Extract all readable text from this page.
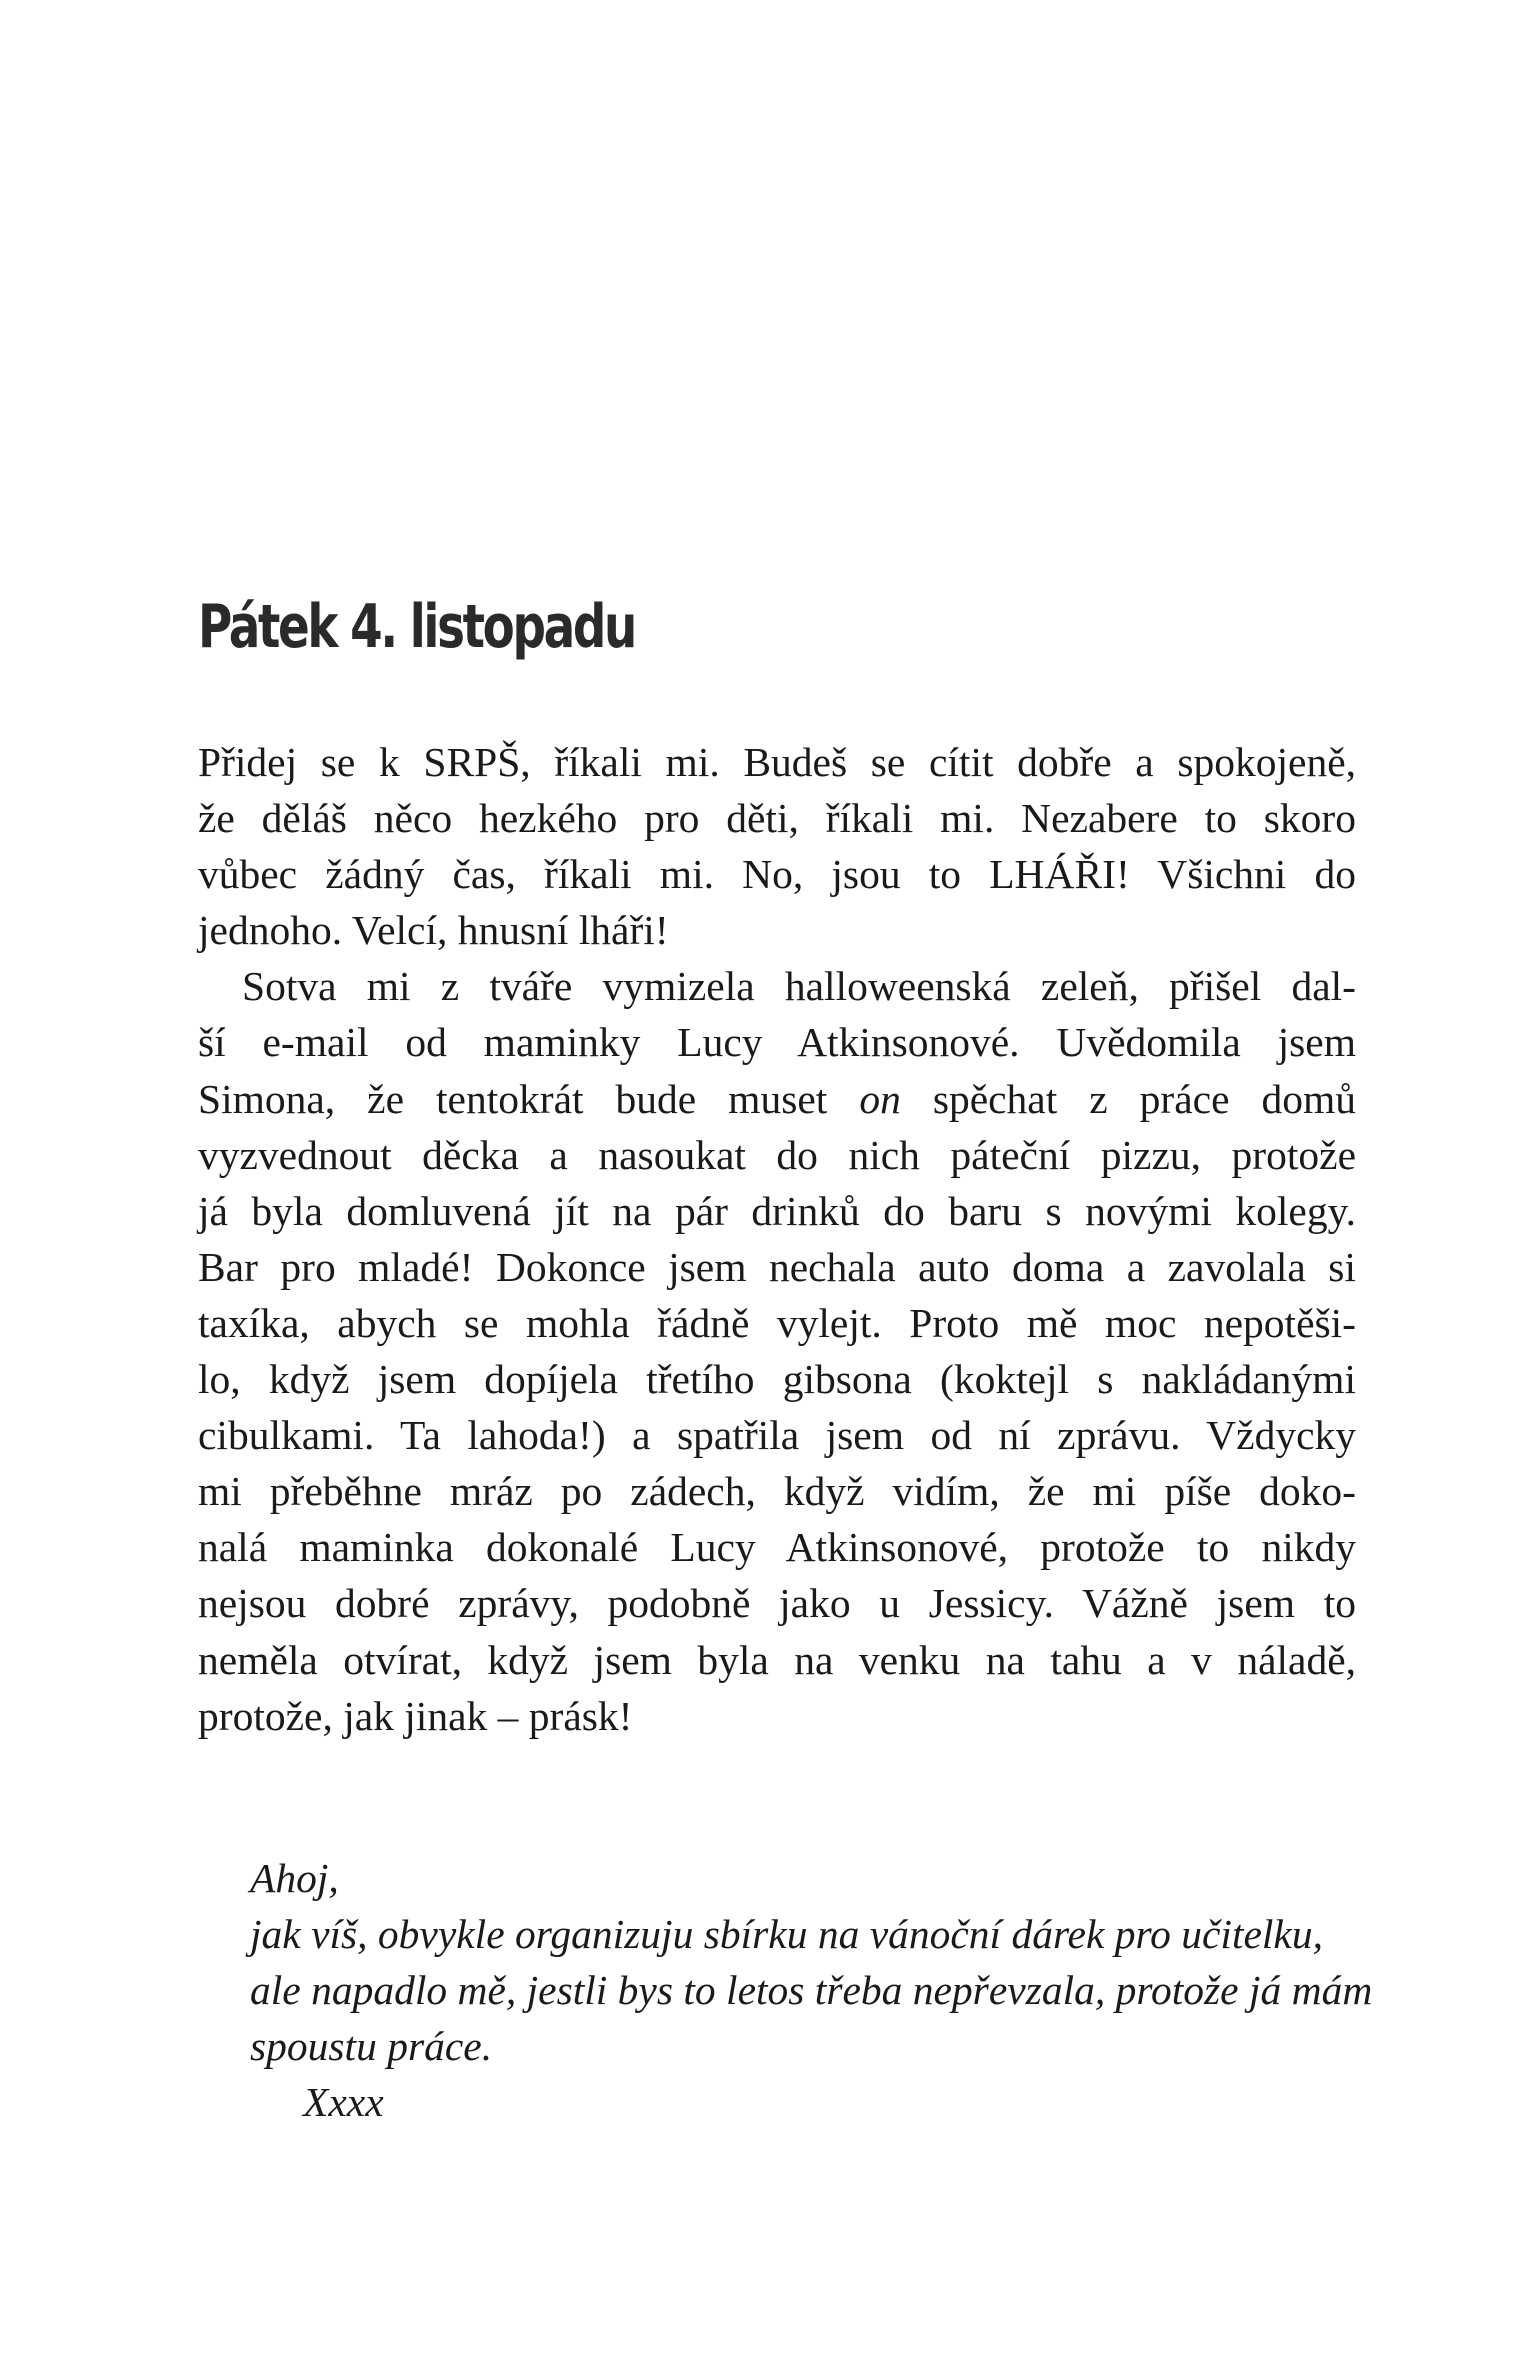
Pátek 4. listopadu
Přidej se k SRPŠ, říkali mi. Budeš se cítit dobře a spokojeně,
že děláš něco hezkého pro děti, říkali mi. Nezabere to skoro
vůbec žádný čas, říkali mi. No, jsou to LHÁŘI! Všichni do
jednoho. Velcí, hnusní lháři!
Sotva mi z tváře vymizela halloweenská zeleň, přišel dal-
ší e-mail od maminky Lucy Atkinsonové. Uvědomila jsem
Simona, že tentokrát bude muset on spěchat z práce domů
vyzvednout děcka a nasoukat do nich páteční pizzu, protože
já byla domluvená jít na pár drinků do baru s novými kolegy.
Bar pro mladé! Dokonce jsem nechala auto doma a zavolala si
taxíka, abych se mohla řádně vylejt. Proto mě moc nepotěši-
lo, když jsem dopíjela třetího gibsona (koktejl s nakládanými
cibulkami. Ta lahoda!) a spatřila jsem od ní zprávu. Vždycky
mi přeběhne mráz po zádech, když vidím, že mi píše doko-
nalá maminka dokonalé Lucy Atkinsonové, protože to nikdy
nejsou dobré zprávy, podobně jako u Jessicy. Vážně jsem to
neměla otvírat, když jsem byla na venku na tahu a v náladě,
protože, jak jinak – prásk!
Ahoj,
jak víš, obvykle organizuju sbírku na vánoční dárek pro učitelku,
ale napadlo mě, jestli bys to letos třeba nepřevzala, protože já mám
spoustu práce.
Xxxx
